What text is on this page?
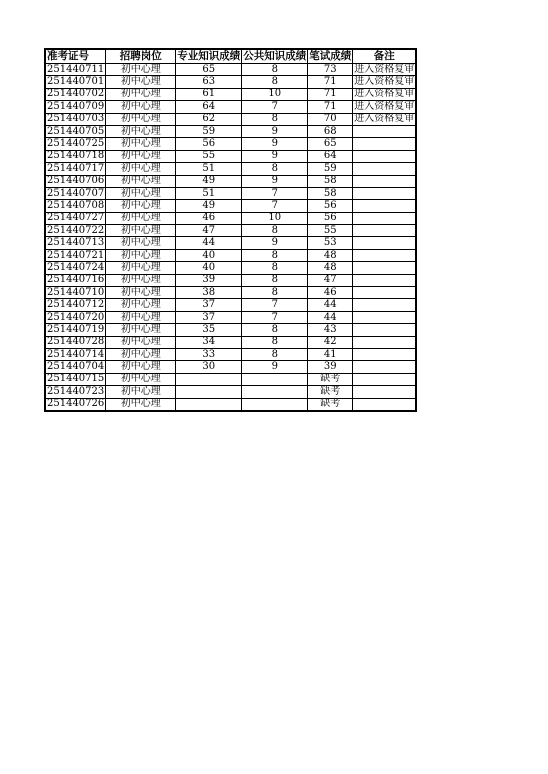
准考证号	招聘岗位	专业知识成绩	公共知识成绩	笔试成绩	备注
251440711	初中心理	65	8	73	进入资格复审
251440701	初中心理	63	8	71	进入资格复审
251440702	初中心理	61	10	71	进入资格复审
251440709	初中心理	64	7	71	进入资格复审
251440703	初中心理	62	8	70	进入资格复审
251440705	初中心理	59	9	68	
251440725	初中心理	56	9	65	
251440718	初中心理	55	9	64	
251440717	初中心理	51	8	59	
251440706	初中心理	49	9	58	
251440707	初中心理	51	7	58	
251440708	初中心理	49	7	56	
251440727	初中心理	46	10	56	
251440722	初中心理	47	8	55	
251440713	初中心理	44	9	53	
251440721	初中心理	40	8	48	
251440724	初中心理	40	8	48	
251440716	初中心理	39	8	47	
251440710	初中心理	38	8	46	
251440712	初中心理	37	7	44	
251440720	初中心理	37	7	44	
251440719	初中心理	35	8	43	
251440728	初中心理	34	8	42	
251440714	初中心理	33	8	41	
251440704	初中心理	30	9	39	
251440715	初中心理			缺考	
251440723	初中心理			缺考	
251440726	初中心理			缺考	
